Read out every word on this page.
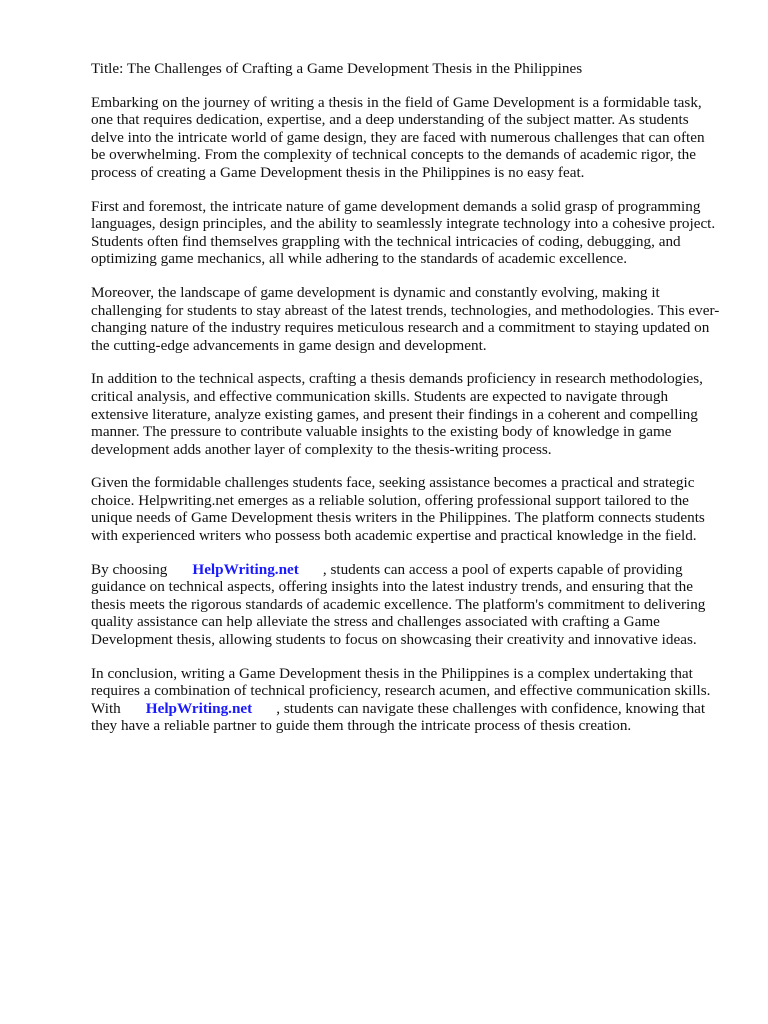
Title: The Challenges of Crafting a Game Development Thesis in the Philippines

Embarking on the journey of writing a thesis in the field of Game Development is a formidable task, one that requires dedication, expertise, and a deep understanding of the subject matter. As students delve into the intricate world of game design, they are faced with numerous challenges that can often be overwhelming. From the complexity of technical concepts to the demands of academic rigor, the process of creating a Game Development thesis in the Philippines is no easy feat.

First and foremost, the intricate nature of game development demands a solid grasp of programming languages, design principles, and the ability to seamlessly integrate technology into a cohesive project. Students often find themselves grappling with the technical intricacies of coding, debugging, and optimizing game mechanics, all while adhering to the standards of academic excellence.

Moreover, the landscape of game development is dynamic and constantly evolving, making it challenging for students to stay abreast of the latest trends, technologies, and methodologies. This ever-changing nature of the industry requires meticulous research and a commitment to staying updated on the cutting-edge advancements in game design and development.

In addition to the technical aspects, crafting a thesis demands proficiency in research methodologies, critical analysis, and effective communication skills. Students are expected to navigate through extensive literature, analyze existing games, and present their findings in a coherent and compelling manner. The pressure to contribute valuable insights to the existing body of knowledge in game development adds another layer of complexity to the thesis-writing process.

Given the formidable challenges students face, seeking assistance becomes a practical and strategic choice. Helpwriting.net emerges as a reliable solution, offering professional support tailored to the unique needs of Game Development thesis writers in the Philippines. The platform connects students with experienced writers who possess both academic expertise and practical knowledge in the field.

By choosing HelpWriting.net , students can access a pool of experts capable of providing guidance on technical aspects, offering insights into the latest industry trends, and ensuring that the thesis meets the rigorous standards of academic excellence. The platform's commitment to delivering quality assistance can help alleviate the stress and challenges associated with crafting a Game Development thesis, allowing students to focus on showcasing their creativity and innovative ideas.

In conclusion, writing a Game Development thesis in the Philippines is a complex undertaking that requires a combination of technical proficiency, research acumen, and effective communication skills. With HelpWriting.net , students can navigate these challenges with confidence, knowing that they have a reliable partner to guide them through the intricate process of thesis creation.
